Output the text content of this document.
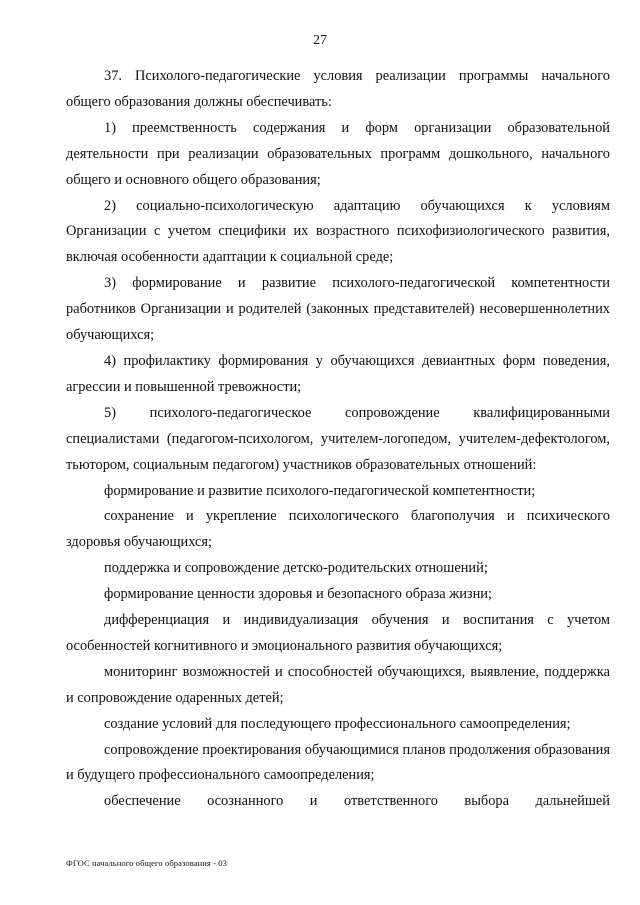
27

37. Психолого-педагогические условия реализации программы начального общего образования должны обеспечивать:

1) преемственность содержания и форм организации образовательной деятельности при реализации образовательных программ дошкольного, начального общего и основного общего образования;

2) социально-психологическую адаптацию обучающихся к условиям Организации с учетом специфики их возрастного психофизиологического развития, включая особенности адаптации к социальной среде;

3) формирование и развитие психолого-педагогической компетентности работников Организации и родителей (законных представителей) несовершеннолетних обучающихся;

4) профилактику формирования у обучающихся девиантных форм поведения, агрессии и повышенной тревожности;

5) психолого-педагогическое сопровождение квалифицированными специалистами (педагогом-психологом, учителем-логопедом, учителем-дефектологом, тьютором, социальным педагогом) участников образовательных отношений:

формирование и развитие психолого-педагогической компетентности;

сохранение и укрепление психологического благополучия и психического здоровья обучающихся;

поддержка и сопровождение детско-родительских отношений;

формирование ценности здоровья и безопасного образа жизни;

дифференциация и индивидуализация обучения и воспитания с учетом особенностей когнитивного и эмоционального развития обучающихся;

мониторинг возможностей и способностей обучающихся, выявление, поддержка и сопровождение одаренных детей;

создание условий для последующего профессионального самоопределения;

сопровождение проектирования обучающимися планов продолжения образования и будущего профессионального самоопределения;

обеспечение осознанного и ответственного выбора дальнейшей

ФГОС начального общего образования - 03
